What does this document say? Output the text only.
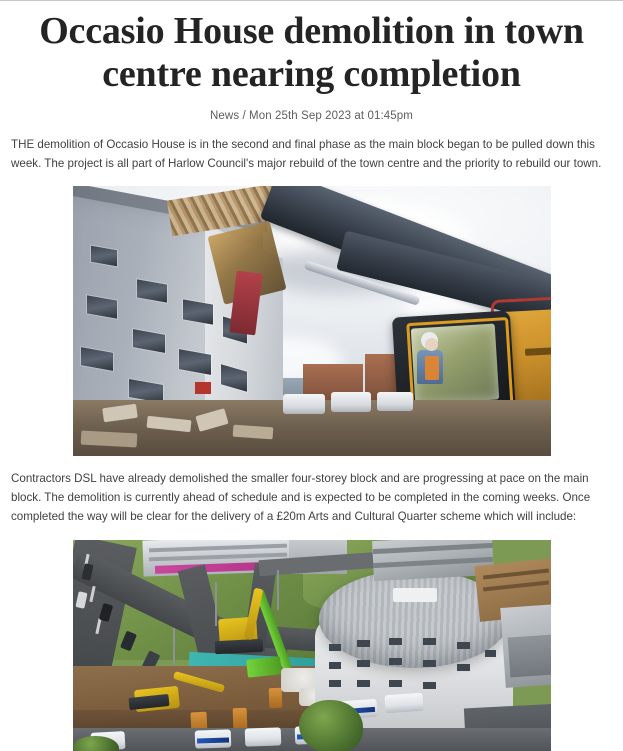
Occasio House demolition in town centre nearing completion
News / Mon 25th Sep 2023 at 01:45pm

THE demolition of Occasio House is in the second and final phase as the main block began to be pulled down this week. The project is all part of Harlow Council's major rebuild of the town centre and the priority to rebuild our town.

Contractors DSL have already demolished the smaller four-storey block and are progressing at pace on the main block. The demolition is currently ahead of schedule and is expected to be completed in the coming weeks. Once completed the way will be clear for the delivery of a £20m Arts and Cultural Quarter scheme which will include:
